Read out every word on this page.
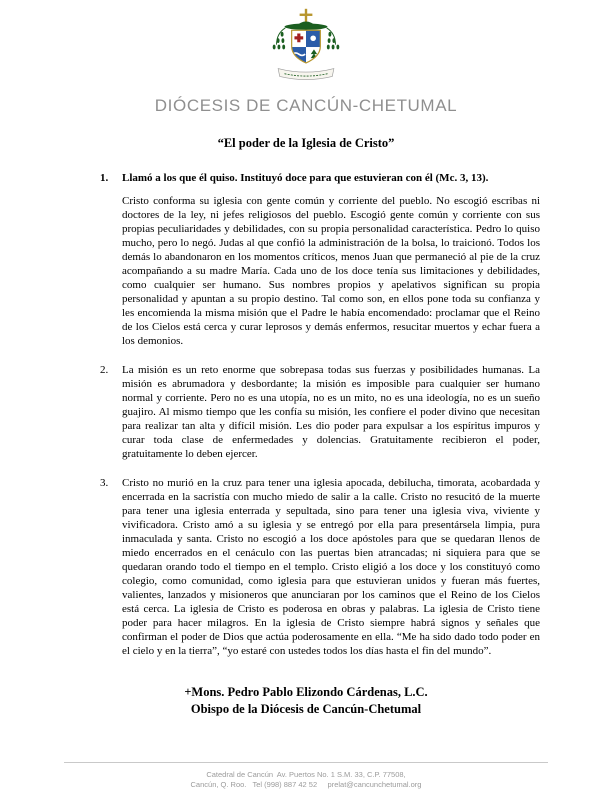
DIÓCESIS DE CANCÚN-CHETUMAL
“El poder de la Iglesia de Cristo”
1.	Llamó a los que él quiso. Instituyó doce para que estuvieran con él (Mc. 3, 13).

Cristo conforma su iglesia con gente común y corriente del pueblo. No escogió escribas ni doctores de la ley, ni jefes religiosos del pueblo. Escogió gente común y corriente con sus propias peculiaridades y debilidades, con su propia personalidad característica. Pedro lo quiso mucho, pero lo negó. Judas al que confió la administración de la bolsa, lo traicionó. Todos los demás lo abandonaron en los momentos críticos, menos Juan que permaneció al pie de la cruz acompañando a su madre María. Cada uno de los doce tenía sus limitaciones y debilidades, como cualquier ser humano. Sus nombres propios y apelativos significan su propia personalidad y apuntan a su propio destino. Tal como son, en ellos pone toda su confianza y les encomienda la misma misión que el Padre le había encomendado: proclamar que el Reino de los Cielos está cerca y curar leprosos y demás enfermos, resucitar muertos y echar fuera a los demonios.

2.	La misión es un reto enorme que sobrepasa todas sus fuerzas y posibilidades humanas. La misión es abrumadora y desbordante; la misión es imposible para cualquier ser humano normal y corriente. Pero no es una utopía, no es un mito, no es una ideología, no es un sueño guajiro. Al mismo tiempo que les confía su misión, les confiere el poder divino que necesitan para realizar tan alta y difícil misión. Les dio poder para expulsar a los espíritus impuros y curar toda clase de enfermedades y dolencias. Gratuitamente recibieron el poder, gratuitamente lo deben ejercer.

3.	Cristo no murió en la cruz para tener una iglesia apocada, debilucha, timorata, acobardada y encerrada en la sacristía con mucho miedo de salir a la calle. Cristo no resucitó de la muerte para tener una iglesia enterrada y sepultada, sino para tener una iglesia viva, viviente y vivificadora. Cristo amó a su iglesia y se entregó por ella para presentársela limpia, pura inmaculada y santa. Cristo no escogió a los doce apóstoles para que se quedaran llenos de miedo encerrados en el cenáculo con las puertas bien atrancadas; ni siquiera para que se quedaran orando todo el tiempo en el templo. Cristo eligió a los doce y los constituyó como colegio, como comunidad, como iglesia para que estuvieran unidos y fueran más fuertes, valientes, lanzados y misioneros que anunciaran por los caminos que el Reino de los Cielos está cerca. La iglesia de Cristo es poderosa en obras y palabras. La iglesia de Cristo tiene poder para hacer milagros. En la iglesia de Cristo siempre habrá signos y señales que confirman el poder de Dios que actúa poderosamente en ella. “Me ha sido dado todo poder en el cielo y en la tierra”, “yo estaré con ustedes todos los días hasta el fin del mundo”.

+Mons. Pedro Pablo Elizondo Cárdenas, L.C.
Obispo de la Diócesis de Cancún-Chetumal
Catedral de Cancún  Av. Puertos No. 1 S.M. 33, C.P. 77508,
Cancún, Q. Roo.   Tel (998) 887 42 52     prelat@cancunchetumal.org
